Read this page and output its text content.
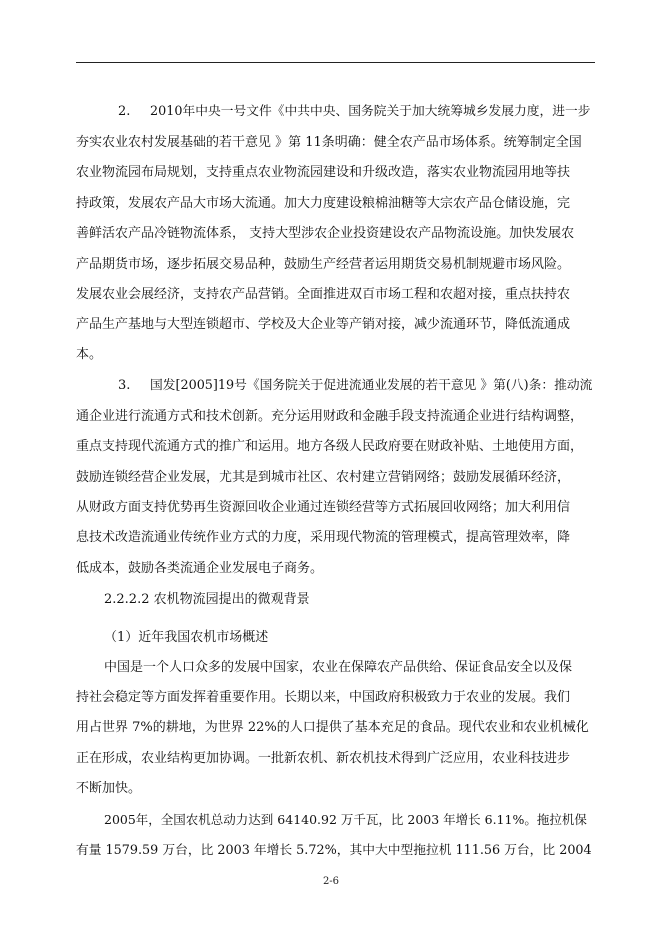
2. 2010年中央一号文件《中共中央、国务院关于加大统筹城乡发展力度，进一步

夯实农业农村发展基础的若干意见 》第 11条明确：健全农产品市场体系。统筹制定全国

农业物流园布局规划，支持重点农业物流园建设和升级改造，落实农业物流园用地等扶

持政策，发展农产品大市场大流通。加大力度建设粮棉油糖等大宗农产品仓储设施，完

善鲜活农产品冷链物流体系， 支持大型涉农企业投资建设农产品物流设施。加快发展农

产品期货市场，逐步拓展交易品种，鼓励生产经营者运用期货交易机制规避市场风险。

发展农业会展经济，支持农产品营销。全面推进双百市场工程和农超对接，重点扶持农

产品生产基地与大型连锁超市、学校及大企业等产销对接，减少流通环节，降低流通成

本。

3. 国发[2005]19号《国务院关于促进流通业发展的若干意见 》第(八)条：推动流

通企业进行流通方式和技术创新。充分运用财政和金融手段支持流通企业进行结构调整，

重点支持现代流通方式的推广和运用。地方各级人民政府要在财政补贴、土地使用方面，

鼓励连锁经营企业发展，尤其是到城市社区、农村建立营销网络；鼓励发展循环经济，

从财政方面支持优势再生资源回收企业通过连锁经营等方式拓展回收网络；加大利用信

息技术改造流通业传统作业方式的力度，采用现代物流的管理模式，提高管理效率，降

低成本，鼓励各类流通企业发展电子商务。

2.2.2.2 农机物流园提出的微观背景

（1）近年我国农机市场概述

中国是一个人口众多的发展中国家，农业在保障农产品供给、保证食品安全以及保

持社会稳定等方面发挥着重要作用。长期以来，中国政府积极致力于农业的发展。我们

用占世界 7%的耕地，为世界 22%的人口提供了基本充足的食品。现代农业和农业机械化

正在形成，农业结构更加协调。一批新农机、新农机技术得到广泛应用，农业科技进步

不断加快。

2005年，全国农机总动力达到 64140.92 万千瓦，比 2003 年增长 6.11%。拖拉机保

有量 1579.59 万台，比 2003 年增长 5.72%，其中大中型拖拉机 111.56 万台，比 2004

2-6
